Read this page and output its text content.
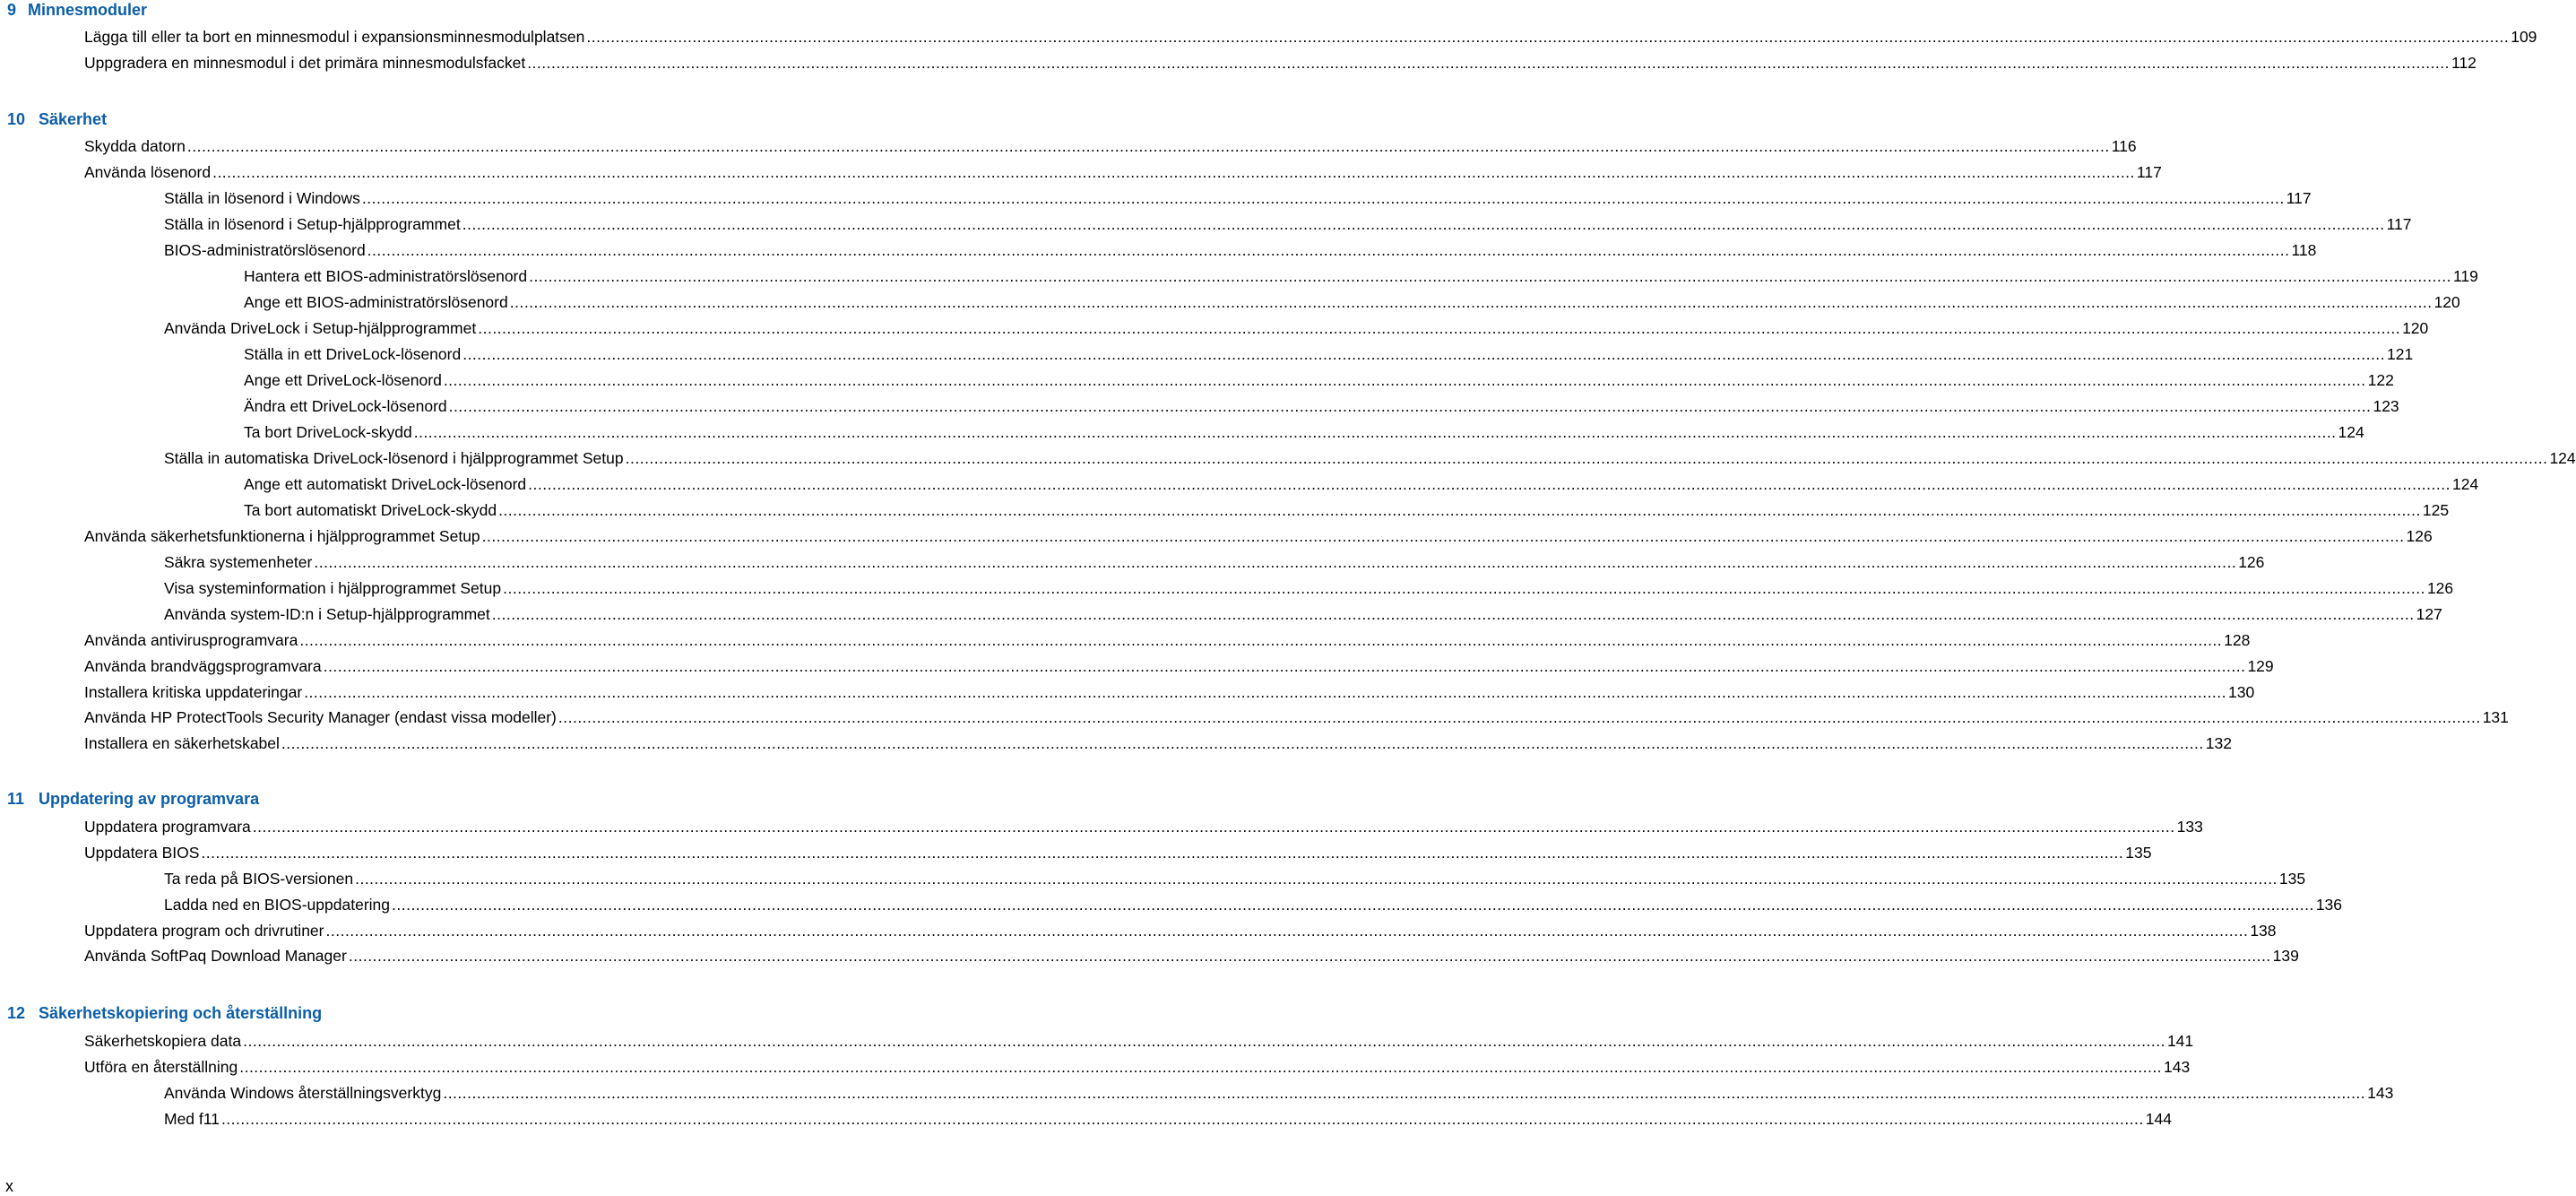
9 Minnesmoduler
Lägga till eller ta bort en minnesmodul i expansionsminnesmodulplatsen ................................................................................................................................................................................................................................................................................................................................................................................................................ 109
Uppgradera en minnesmodul i det primära minnesmodulsfacket ................................................................................................................................................................................................................................................................................................................................................................................................................ 112
10 Säkerhet
Skydda datorn ................................................................................................................................................................................................................................................................................................................................................................................................................ 116
Använda lösenord ................................................................................................................................................................................................................................................................................................................................................................................................................ 117
Ställa in lösenord i Windows ................................................................................................................................................................................................................................................................................................................................................................................................................ 117
Ställa in lösenord i Setup-hjälpprogrammet ................................................................................................................................................................................................................................................................................................................................................................................................................ 117
BIOS-administratörslösenord ................................................................................................................................................................................................................................................................................................................................................................................................................ 118
Hantera ett BIOS-administratörslösenord ................................................................................................................................................................................................................................................................................................................................................................................................................ 119
Ange ett BIOS-administratörslösenord ................................................................................................................................................................................................................................................................................................................................................................................................................ 120
Använda DriveLock i Setup-hjälpprogrammet ................................................................................................................................................................................................................................................................................................................................................................................................................ 120
Ställa in ett DriveLock-lösenord ................................................................................................................................................................................................................................................................................................................................................................................................................ 121
Ange ett DriveLock-lösenord ................................................................................................................................................................................................................................................................................................................................................................................................................ 122
Ändra ett DriveLock-lösenord ................................................................................................................................................................................................................................................................................................................................................................................................................ 123
Ta bort DriveLock-skydd ................................................................................................................................................................................................................................................................................................................................................................................................................ 124
Ställa in automatiska DriveLock-lösenord i hjälpprogrammet Setup ................................................................................................................................................................................................................................................................................................................................................................................................................ 124
Ange ett automatiskt DriveLock-lösenord ................................................................................................................................................................................................................................................................................................................................................................................................................ 124
Ta bort automatiskt DriveLock-skydd ................................................................................................................................................................................................................................................................................................................................................................................................................ 125
Använda säkerhetsfunktionerna i hjälpprogrammet Setup ................................................................................................................................................................................................................................................................................................................................................................................................................ 126
Säkra systemenheter ................................................................................................................................................................................................................................................................................................................................................................................................................ 126
Visa systeminformation i hjälpprogrammet Setup ................................................................................................................................................................................................................................................................................................................................................................................................................ 126
Använda system-ID:n i Setup-hjälpprogrammet ................................................................................................................................................................................................................................................................................................................................................................................................................ 127
Använda antivirusprogramvara ................................................................................................................................................................................................................................................................................................................................................................................................................ 128
Använda brandväggsprogramvara ................................................................................................................................................................................................................................................................................................................................................................................................................ 129
Installera kritiska uppdateringar ................................................................................................................................................................................................................................................................................................................................................................................................................ 130
Använda HP ProtectTools Security Manager (endast vissa modeller) ................................................................................................................................................................................................................................................................................................................................................................................................................ 131
Installera en säkerhetskabel ................................................................................................................................................................................................................................................................................................................................................................................................................ 132
11 Uppdatering av programvara
Uppdatera programvara ................................................................................................................................................................................................................................................................................................................................................................................................................ 133
Uppdatera BIOS ................................................................................................................................................................................................................................................................................................................................................................................................................ 135
Ta reda på BIOS-versionen ................................................................................................................................................................................................................................................................................................................................................................................................................ 135
Ladda ned en BIOS-uppdatering ................................................................................................................................................................................................................................................................................................................................................................................................................ 136
Uppdatera program och drivrutiner ................................................................................................................................................................................................................................................................................................................................................................................................................ 138
Använda SoftPaq Download Manager ................................................................................................................................................................................................................................................................................................................................................................................................................ 139
12 Säkerhetskopiering och återställning
Säkerhetskopiera data ................................................................................................................................................................................................................................................................................................................................................................................................................ 141
Utföra en återställning ................................................................................................................................................................................................................................................................................................................................................................................................................ 143
Använda Windows återställningsverktyg ................................................................................................................................................................................................................................................................................................................................................................................................................ 143
Med f11 ................................................................................................................................................................................................................................................................................................................................................................................................................ 144
x
